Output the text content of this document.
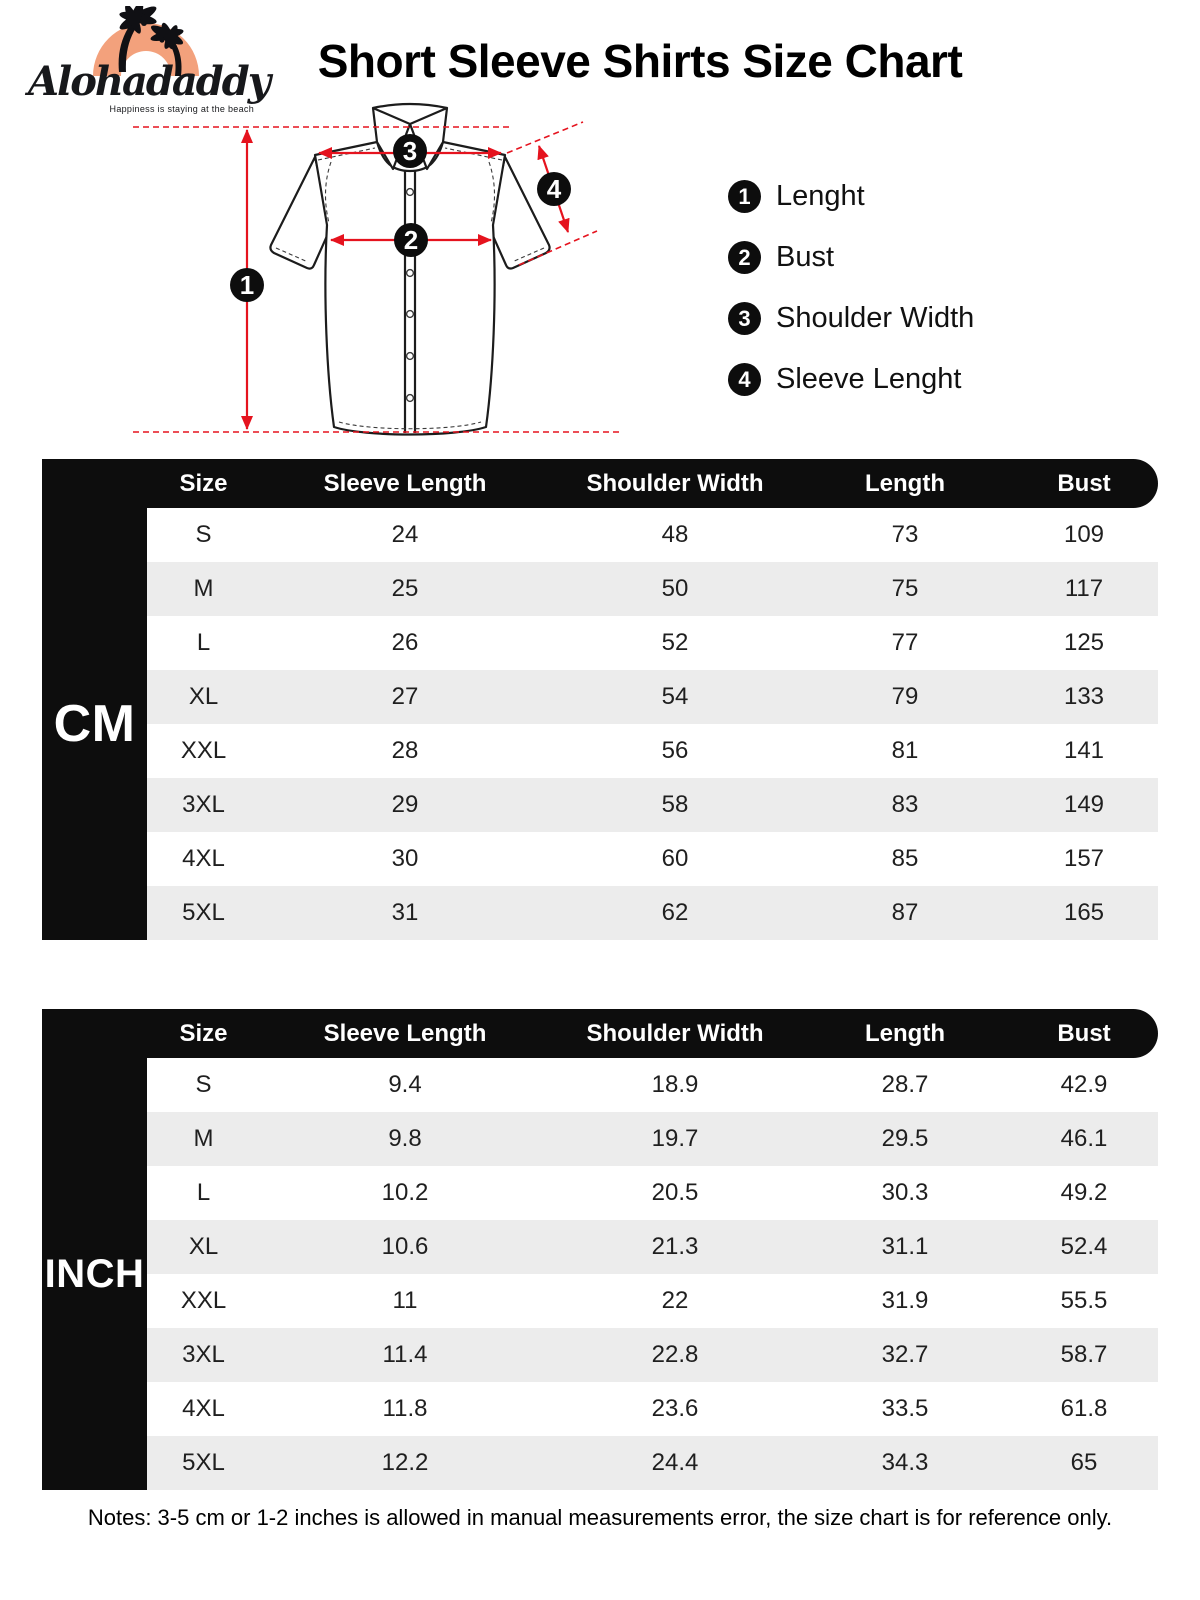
Alohadaddy
Happiness is staying at the beach
Short Sleeve Shirts Size Chart
1
2
3
4	1 Lenght
2 Bust
3 Shoulder Width
4 Sleeve Lenght
Size	Sleeve Length	Shoulder Width	Length	Bust
CM
S	24	48	73	109
M	25	50	75	117
L	26	52	77	125
XL	27	54	79	133
XXL	28	56	81	141
3XL	29	58	83	149
4XL	30	60	85	157
5XL	31	62	87	165
Size	Sleeve Length	Shoulder Width	Length	Bust
INCH
S	9.4	18.9	28.7	42.9
M	9.8	19.7	29.5	46.1
L	10.2	20.5	30.3	49.2
XL	10.6	21.3	31.1	52.4
XXL	11	22	31.9	55.5
3XL	11.4	22.8	32.7	58.7
4XL	11.8	23.6	33.5	61.8
5XL	12.2	24.4	34.3	65
Notes: 3-5 cm or 1-2 inches is allowed in manual measurements error, the size chart is for reference only.
